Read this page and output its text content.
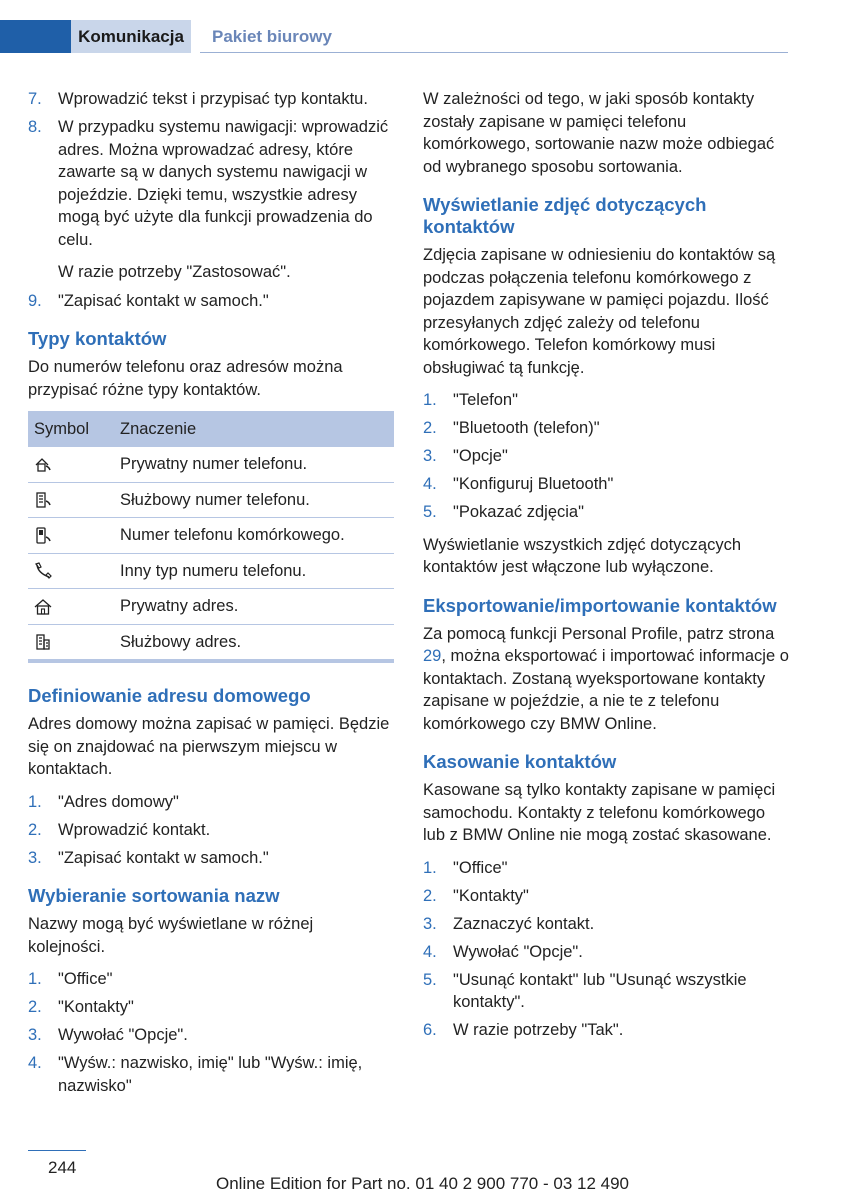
Komunikacja	Pakiet biurowy
7. Wprowadzić tekst i przypisać typ kontaktu.
8. W przypadku systemu nawigacji: wprowadzić adres. Można wprowadzać adresy, które zawarte są w danych systemu nawigacji w pojeździe. Dzięki temu, wszystkie adresy mogą być użyte dla funkcji prowadzenia do celu.
W razie potrzeby "Zastosować".
9. "Zapisać kontakt w samoch."
Typy kontaktów

Do numerów telefonu oraz adresów można przypisać różne typy kontaktów.

Symbol	Znaczenie
	Prywatny numer telefonu.
	Służbowy numer telefonu.
	Numer telefonu komórkowego.
	Inny typ numeru telefonu.
	Prywatny adres.
	Służbowy adres.
Definiowanie adresu domowego

Adres domowy można zapisać w pamięci. Będzie się on znajdować na pierwszym miejscu w kontaktach.

1. "Adres domowy"
2. Wprowadzić kontakt.
3. "Zapisać kontakt w samoch."
Wybieranie sortowania nazw

Nazwy mogą być wyświetlane w różnej kolejności.

1. "Office"
2. "Kontakty"
3. Wywołać "Opcje".
4. "Wyśw.: nazwisko, imię" lub "Wyśw.: imię, nazwisko"

W zależności od tego, w jaki sposób kontakty zostały zapisane w pamięci telefonu komórkowego, sortowanie nazw może odbiegać od wybranego sposobu sortowania.

Wyświetlanie zdjęć dotyczących kontaktów

Zdjęcia zapisane w odniesieniu do kontaktów są podczas połączenia telefonu komórkowego z pojazdem zapisywane w pamięci pojazdu. Ilość przesyłanych zdjęć zależy od telefonu komórkowego. Telefon komórkowy musi obsługiwać tą funkcję.

1. "Telefon"
2. "Bluetooth (telefon)"
3. "Opcje"
4. "Konfiguruj Bluetooth"
5. "Pokazać zdjęcia"

Wyświetlanie wszystkich zdjęć dotyczących kontaktów jest włączone lub wyłączone.

Eksportowanie/importowanie kontaktów

Za pomocą funkcji Personal Profile, patrz strona 29, można eksportować i importować informacje o kontaktach. Zostaną wyeksportowane kontakty zapisane w pojeździe, a nie te z telefonu komórkowego czy BMW Online.

Kasowanie kontaktów

Kasowane są tylko kontakty zapisane w pamięci samochodu. Kontakty z telefonu komórkowego lub z BMW Online nie mogą zostać skasowane.

1. "Office"
2. "Kontakty"
3. Zaznaczyć kontakt.
4. Wywołać "Opcje".
5. "Usunąć kontakt" lub "Usunąć wszystkie kontakty".
6. W razie potrzeby "Tak".
244
Online Edition for Part no. 01 40 2 900 770 - 03 12 490
